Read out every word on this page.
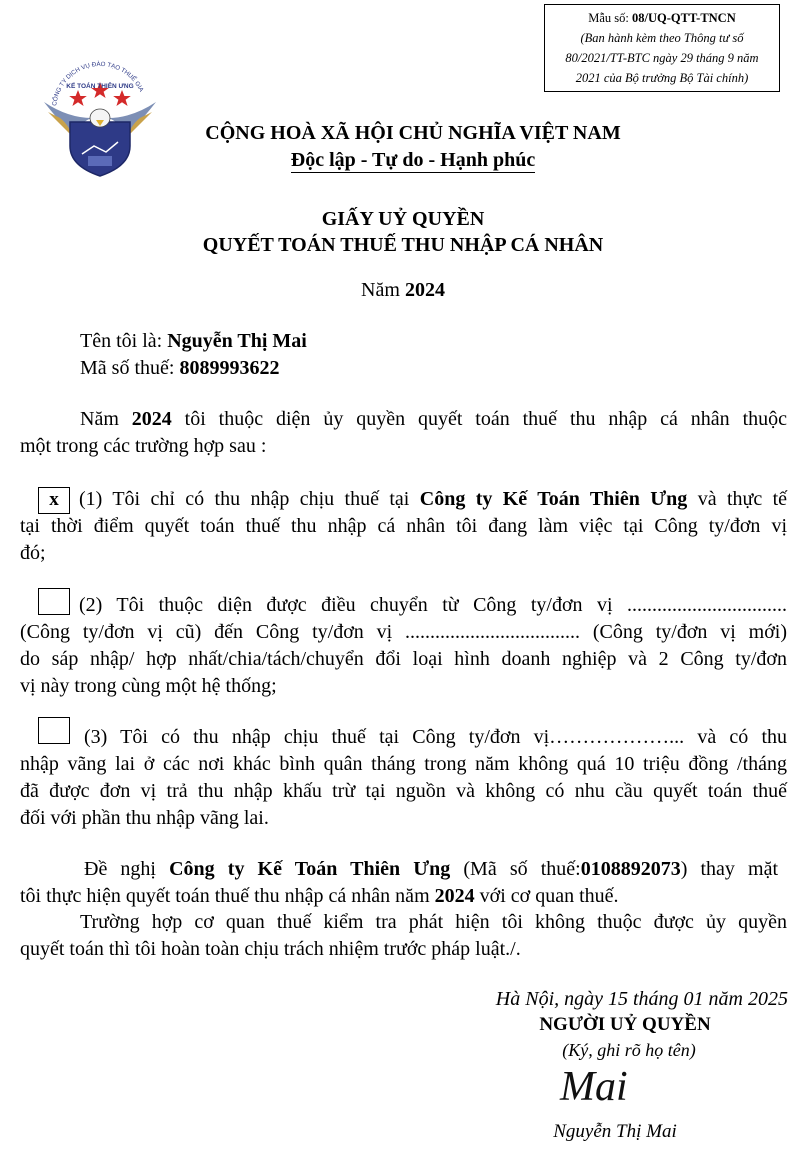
Mẫu số: 08/UQ-QTT-TNCN
(Ban hành kèm theo Thông tư số
80/2021/TT-BTC ngày 29 tháng 9 năm
2021 của Bộ trưởng Bộ Tài chính)
CÔNG TY DỊCH VỤ ĐÀO TẠO THUẾ GIA
KẾ TOÁN THIÊN ƯNG
CỘNG HOÀ XÃ HỘI CHỦ NGHĨA VIỆT NAM
Độc lập - Tự do - Hạnh phúc
GIẤY UỶ QUYỀN
QUYẾT TOÁN THUẾ THU NHẬP CÁ NHÂN
Năm 2024
Tên tôi là: Nguyễn Thị Mai
Mã số thuế: 8089993622
Năm 2024 tôi thuộc diện ủy quyền quyết toán thuế thu nhập cá nhân thuộc
một trong các trường hợp sau :
x	(1) Tôi chỉ có thu nhập chịu thuế tại Công ty Kế Toán Thiên Ưng và thực tế
tại thời điểm quyết toán thuế thu nhập cá nhân tôi đang làm việc tại Công ty/đơn vị
đó;
(2) Tôi thuộc diện được điều chuyển từ Công ty/đơn vị ................................
(Công ty/đơn vị cũ) đến Công ty/đơn vị ................................... (Công ty/đơn vị mới)
do sáp nhập/ hợp nhất/chia/tách/chuyển đổi loại hình doanh nghiệp và 2 Công ty/đơn
vị này trong cùng một hệ thống;
(3) Tôi có thu nhập chịu thuế tại Công ty/đơn vị………………... và có thu
nhập vãng lai ở các nơi khác bình quân tháng trong năm không quá 10 triệu đồng /tháng
đã được đơn vị trả thu nhập khấu trừ tại nguồn và không có nhu cầu quyết toán thuế
đối với phần thu nhập vãng lai.
Đề nghị Công ty Kế Toán Thiên Ưng (Mã số thuế:0108892073) thay mặt
tôi thực hiện quyết toán thuế thu nhập cá nhân năm 2024 với cơ quan thuế.
Trường hợp cơ quan thuế kiểm tra phát hiện tôi không thuộc được ủy quyền
quyết toán thì tôi hoàn toàn chịu trách nhiệm trước pháp luật./.
Hà Nội, ngày 15 tháng 01 năm 2025
NGƯỜI UỶ QUYỀN
(Ký, ghi rõ họ tên)
Mai
Nguyễn Thị Mai
